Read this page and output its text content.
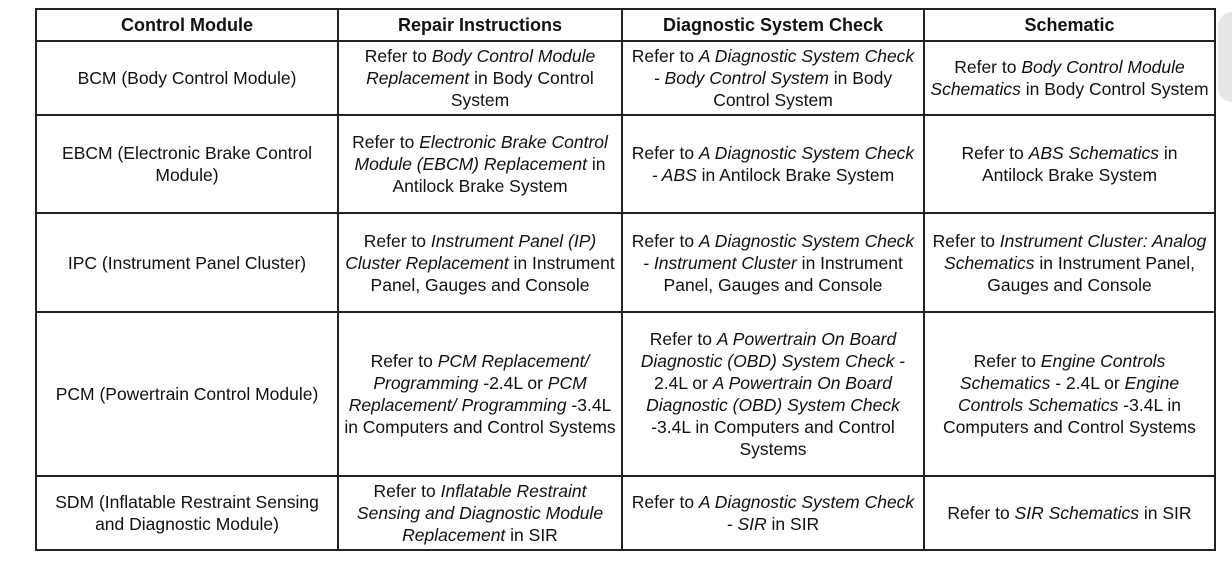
Control Module	Repair Instructions	Diagnostic System Check	Schematic
BCM (Body Control Module)	Refer to Body Control Module Replacement in Body Control System	Refer to A Diagnostic System Check - Body Control System in Body Control System	Refer to Body Control Module Schematics in Body Control System
EBCM (Electronic Brake Control Module)	Refer to Electronic Brake Control Module (EBCM) Replacement in Antilock Brake System	Refer to A Diagnostic System Check - ABS in Antilock Brake System	Refer to ABS Schematics in Antilock Brake System
IPC (Instrument Panel Cluster)	Refer to Instrument Panel (IP) Cluster Replacement in Instrument Panel, Gauges and Console	Refer to A Diagnostic System Check - Instrument Cluster in Instrument Panel, Gauges and Console	Refer to Instrument Cluster: Analog Schematics in Instrument Panel, Gauges and Console
PCM (Powertrain Control Module)	Refer to PCM Replacement/ Programming -2.4L or PCM Replacement/ Programming -3.4L in Computers and Control Systems	Refer to A Powertrain On Board Diagnostic (OBD) System Check - 2.4L or A Powertrain On Board Diagnostic (OBD) System Check -3.4L in Computers and Control Systems	Refer to Engine Controls Schematics - 2.4L or Engine Controls Schematics -3.4L in Computers and Control Systems
SDM (Inflatable Restraint Sensing and Diagnostic Module)	Refer to Inflatable Restraint Sensing and Diagnostic Module Replacement in SIR	Refer to A Diagnostic System Check - SIR in SIR	Refer to SIR Schematics in SIR
